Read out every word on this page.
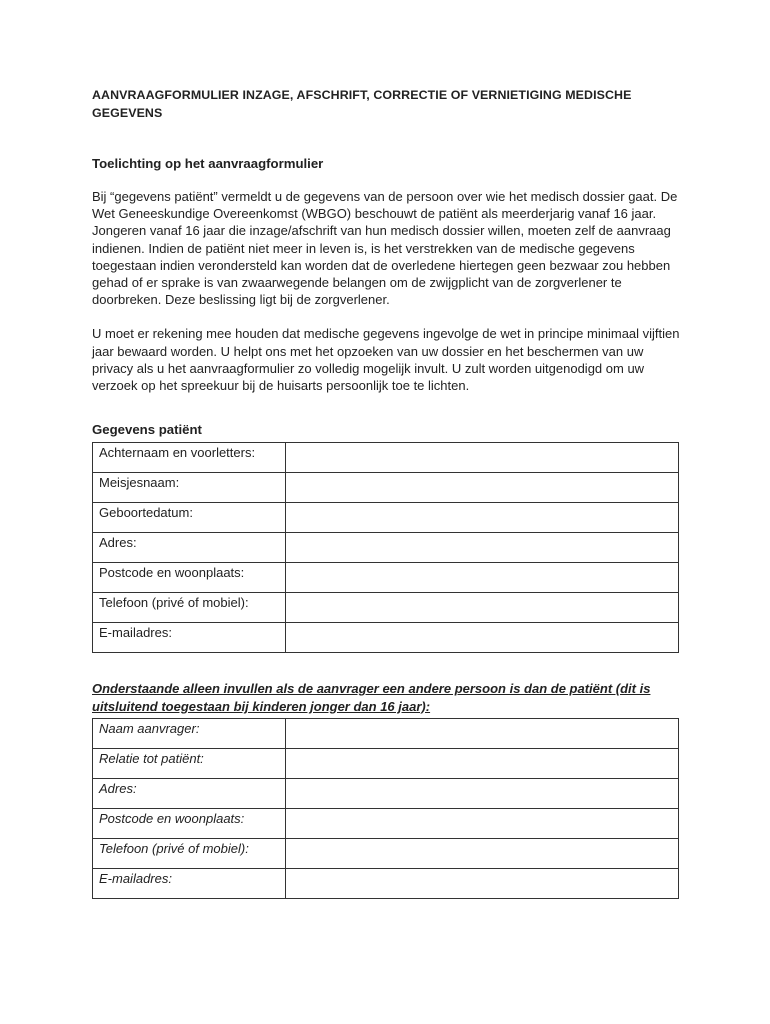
AANVRAAGFORMULIER INZAGE, AFSCHRIFT, CORRECTIE OF VERNIETIGING MEDISCHE GEGEVENS
Toelichting op het aanvraagformulier

Bij “gegevens patiënt” vermeldt u de gegevens van de persoon over wie het medisch dossier gaat. De Wet Geneeskundige Overeenkomst (WBGO) beschouwt de patiënt als meerderjarig vanaf 16 jaar. Jongeren vanaf 16 jaar die inzage/afschrift van hun medisch dossier willen, moeten zelf de aanvraag indienen. Indien de patiënt niet meer in leven is, is het verstrekken van de medische gegevens toegestaan indien verondersteld kan worden dat de overledene hiertegen geen bezwaar zou hebben gehad of er sprake is van zwaarwegende belangen om de zwijgplicht van de zorgverlener te doorbreken. Deze beslissing ligt bij de zorgverlener.

U moet er rekening mee houden dat medische gegevens ingevolge de wet in principe minimaal vijftien jaar bewaard worden. U helpt ons met het opzoeken van uw dossier en het beschermen van uw privacy als u het aanvraagformulier zo volledig mogelijk invult. U zult worden uitgenodigd om uw verzoek op het spreekuur bij de huisarts persoonlijk toe te lichten.

Gegevens patiënt
Achternaam en voorletters:	
Meisjesnaam:	
Geboortedatum:	
Adres:	
Postcode en woonplaats:	
Telefoon (privé of mobiel):	
E-mailadres:	

Onderstaande alleen invullen als de aanvrager een andere persoon is dan de patiënt (dit is uitsluitend toegestaan bij kinderen jonger dan 16 jaar):

Naam aanvrager:	
Relatie tot patiënt:	
Adres:	
Postcode en woonplaats:	
Telefoon (privé of mobiel):	
E-mailadres:	
